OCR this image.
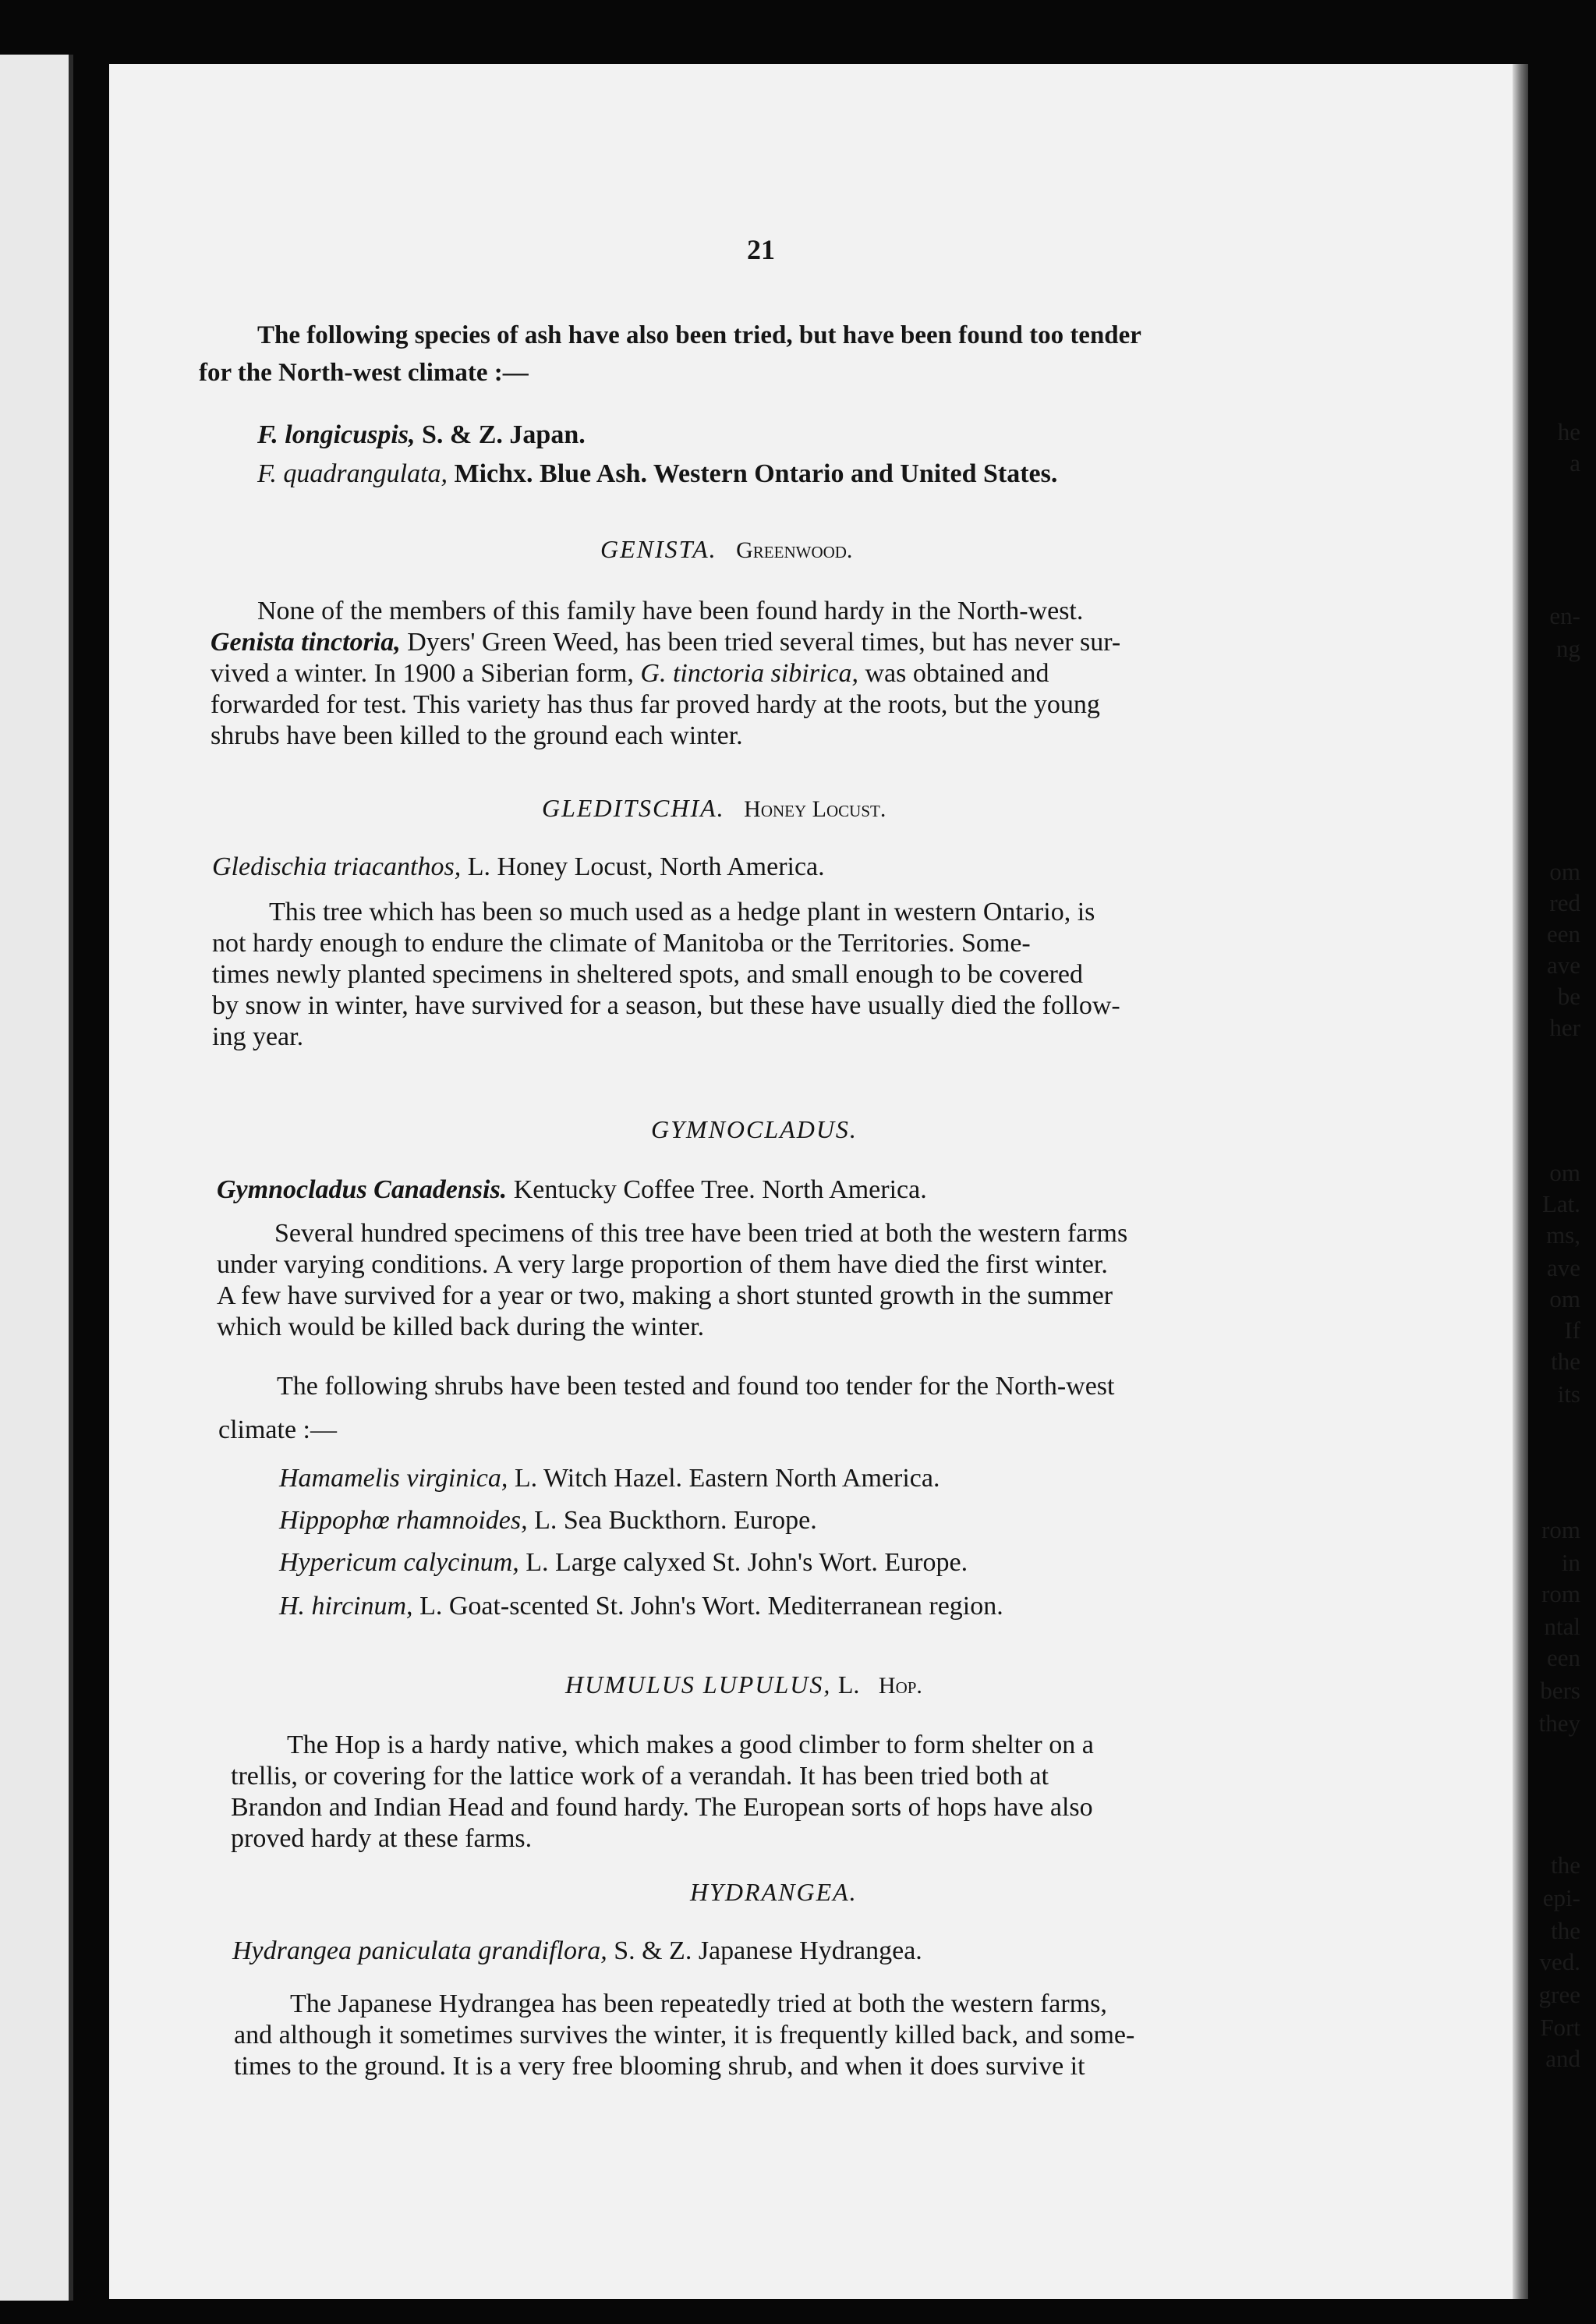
he
a
en-
ng
om
red
een
ave
be
her
om
Lat.
ms,
ave
om
If
the
its
rom
in
rom
ntal
een
bers
they
the
epi-
the
ved.
gree
Fort
and
21
The following species of ash have also been tried, but have been found too tender
for the North-west climate :—
F. longicuspis, S. & Z. Japan.
F. quadrangulata, Michx. Blue Ash. Western Ontario and United States.
GENISTA. Greenwood.
None of the members of this family have been found hardy in the North-west.
Genista tinctoria, Dyers' Green Weed, has been tried several times, but has never sur-
vived a winter. In 1900 a Siberian form, G. tinctoria sibirica, was obtained and
forwarded for test. This variety has thus far proved hardy at the roots, but the young
shrubs have been killed to the ground each winter.
GLEDITSCHIA. Honey Locust.
Gledischia triacanthos, L. Honey Locust, North America.
This tree which has been so much used as a hedge plant in western Ontario, is
not hardy enough to endure the climate of Manitoba or the Territories. Some-
times newly planted specimens in sheltered spots, and small enough to be covered
by snow in winter, have survived for a season, but these have usually died the follow-
ing year.
GYMNOCLADUS.
Gymnocladus Canadensis. Kentucky Coffee Tree. North America.
Several hundred specimens of this tree have been tried at both the western farms
under varying conditions. A very large proportion of them have died the first winter.
A few have survived for a year or two, making a short stunted growth in the summer
which would be killed back during the winter.
The following shrubs have been tested and found too tender for the North-west
climate :—
Hamamelis virginica, L. Witch Hazel. Eastern North America.
Hippophœ rhamnoides, L. Sea Buckthorn. Europe.
Hypericum calycinum, L. Large calyxed St. John's Wort. Europe.
H. hircinum, L. Goat-scented St. John's Wort. Mediterranean region.
HUMULUS LUPULUS, L. Hop.
The Hop is a hardy native, which makes a good climber to form shelter on a
trellis, or covering for the lattice work of a verandah. It has been tried both at
Brandon and Indian Head and found hardy. The European sorts of hops have also
proved hardy at these farms.
HYDRANGEA.
Hydrangea paniculata grandiflora, S. & Z. Japanese Hydrangea.
The Japanese Hydrangea has been repeatedly tried at both the western farms,
and although it sometimes survives the winter, it is frequently killed back, and some-
times to the ground. It is a very free blooming shrub, and when it does survive it
